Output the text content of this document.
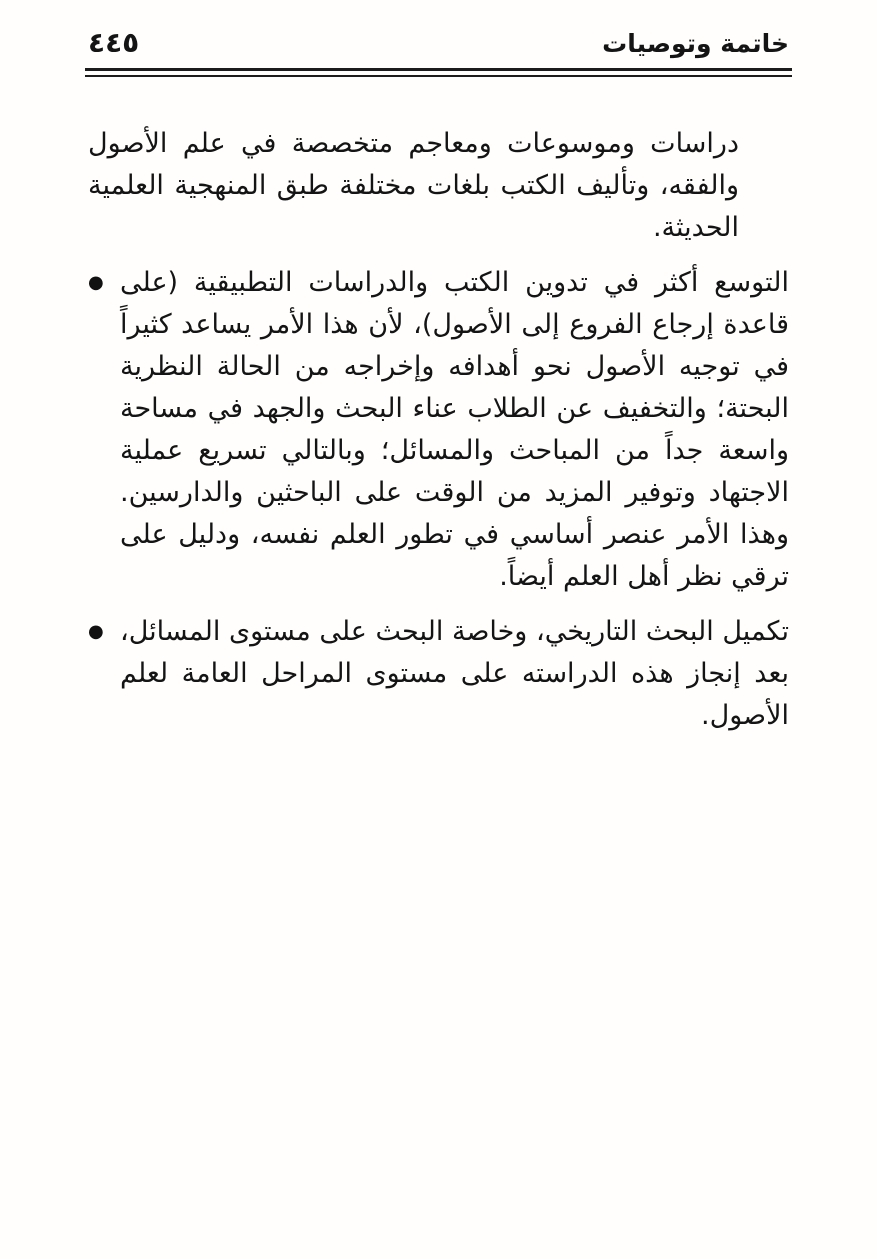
خاتمة وتوصيات
٤٤٥

دراسات وموسوعات ومعاجم متخصصة في علم الأصول والفقه، وتأليف الكتب بلغات مختلفة طبق المنهجية العلمية الحديثة.

● التوسع أكثر في تدوين الكتب والدراسات التطبيقية (على قاعدة إرجاع الفروع إلى الأصول)، لأن هذا الأمر يساعد كثيراً في توجيه الأصول نحو أهدافه وإخراجه من الحالة النظرية البحتة؛ والتخفيف عن الطلاب عناء البحث والجهد في مساحة واسعة جداً من المباحث والمسائل؛ وبالتالي تسريع عملية الاجتهاد وتوفير المزيد من الوقت على الباحثين والدارسين. وهذا الأمر عنصر أساسي في تطور العلم نفسه، ودليل على ترقي نظر أهل العلم أيضاً.
● تكميل البحث التاريخي، وخاصة البحث على مستوى المسائل، بعد إنجاز هذه الدراسته على مستوى المراحل العامة لعلم الأصول.
